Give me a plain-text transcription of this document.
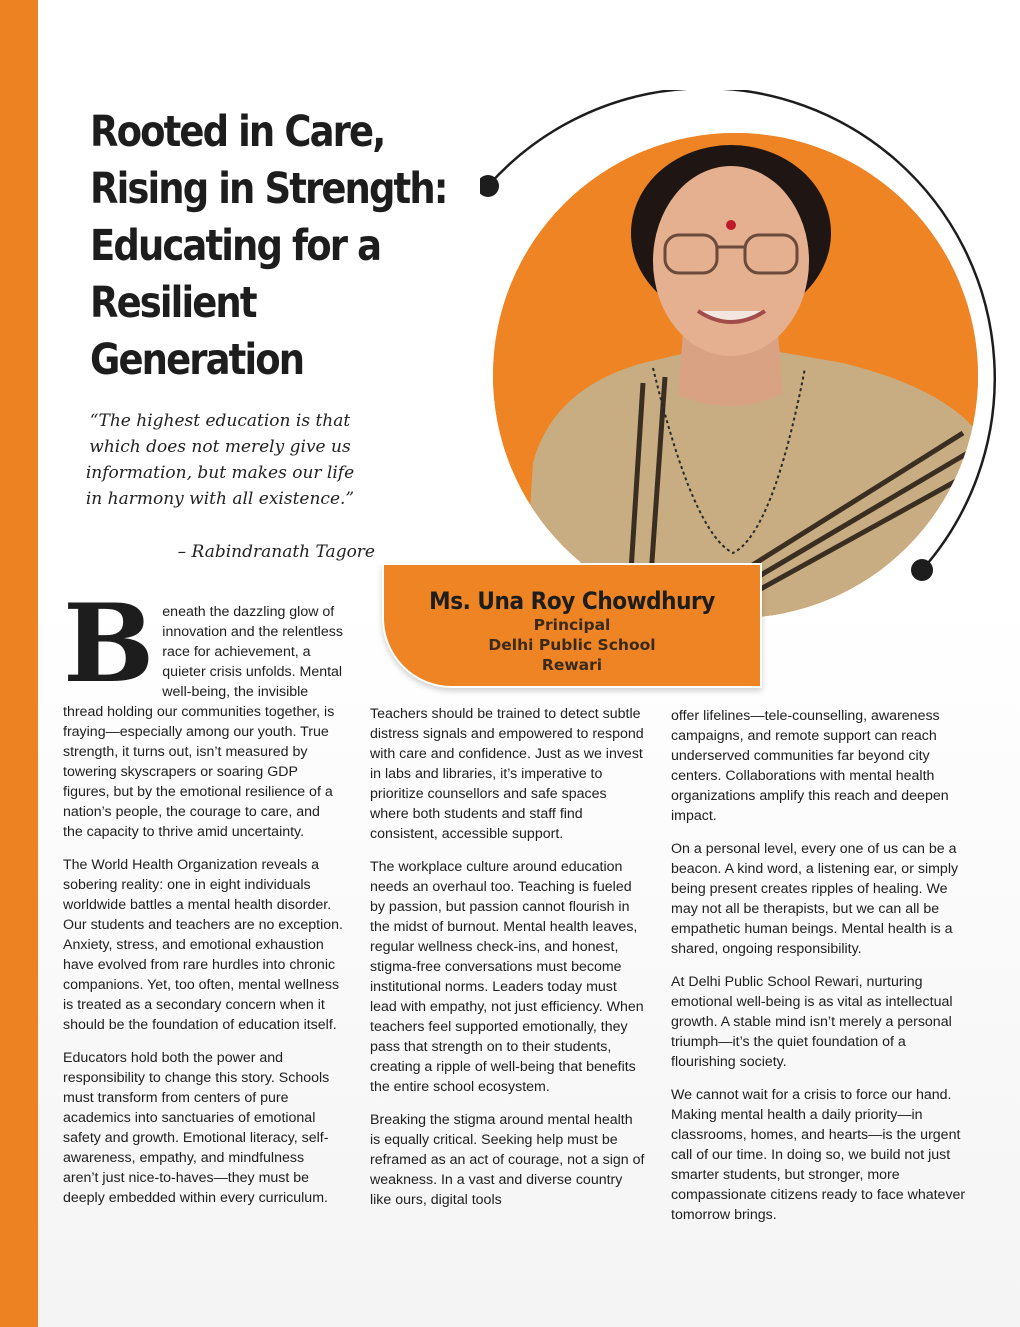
Rooted in Care,
Rising in Strength:
Educating for a
Resilient
Generation
“The highest education is that
which does not merely give us
information, but makes our life
in harmony with all existence.”
– Rabindranath Tagore
Ms. Una Roy Chowdhury
Principal
Delhi Public School
Rewari

Beneath the dazzling glow of innovation and the relentless race for achievement, a quieter crisis unfolds. Mental well-being, the invisible thread holding our communities together, is fraying—especially among our youth. True strength, it turns out, isn’t measured by towering skyscrapers or soaring GDP figures, but by the emotional resilience of a nation’s people, the courage to care, and the capacity to thrive amid uncertainty.

The World Health Organization reveals a sobering reality: one in eight individuals worldwide battles a mental health disorder. Our students and teachers are no exception. Anxiety, stress, and emotional exhaustion have evolved from rare hurdles into chronic companions. Yet, too often, mental wellness is treated as a secondary concern when it should be the foundation of education itself.

Educators hold both the power and responsibility to change this story. Schools must transform from centers of pure academics into sanctuaries of emotional safety and growth. Emotional literacy, self-awareness, empathy, and mindfulness aren’t just nice-to-haves—they must be deeply embedded within every curriculum.

Teachers should be trained to detect subtle distress signals and empowered to respond with care and confidence. Just as we invest in labs and libraries, it’s imperative to prioritize counsellors and safe spaces where both students and staff find consistent, accessible support.

The workplace culture around education needs an overhaul too. Teaching is fueled by passion, but passion cannot flourish in the midst of burnout. Mental health leaves, regular wellness check-ins, and honest, stigma-free conversations must become institutional norms. Leaders today must lead with empathy, not just efficiency. When teachers feel supported emotionally, they pass that strength on to their students, creating a ripple of well-being that benefits the entire school ecosystem.

Breaking the stigma around mental health is equally critical. Seeking help must be reframed as an act of courage, not a sign of weakness. In a vast and diverse country like ours, digital tools

offer lifelines—tele-counselling, awareness campaigns, and remote support can reach underserved communities far beyond city centers. Collaborations with mental health organizations amplify this reach and deepen impact.

On a personal level, every one of us can be a beacon. A kind word, a listening ear, or simply being present creates ripples of healing. We may not all be therapists, but we can all be empathetic human beings. Mental health is a shared, ongoing responsibility.

At Delhi Public School Rewari, nurturing emotional well-being is as vital as intellectual growth. A stable mind isn’t merely a personal triumph—it’s the quiet foundation of a flourishing society.

We cannot wait for a crisis to force our hand. Making mental health a daily priority—in classrooms, homes, and hearts—is the urgent call of our time. In doing so, we build not just smarter students, but stronger, more compassionate citizens ready to face whatever tomorrow brings.
